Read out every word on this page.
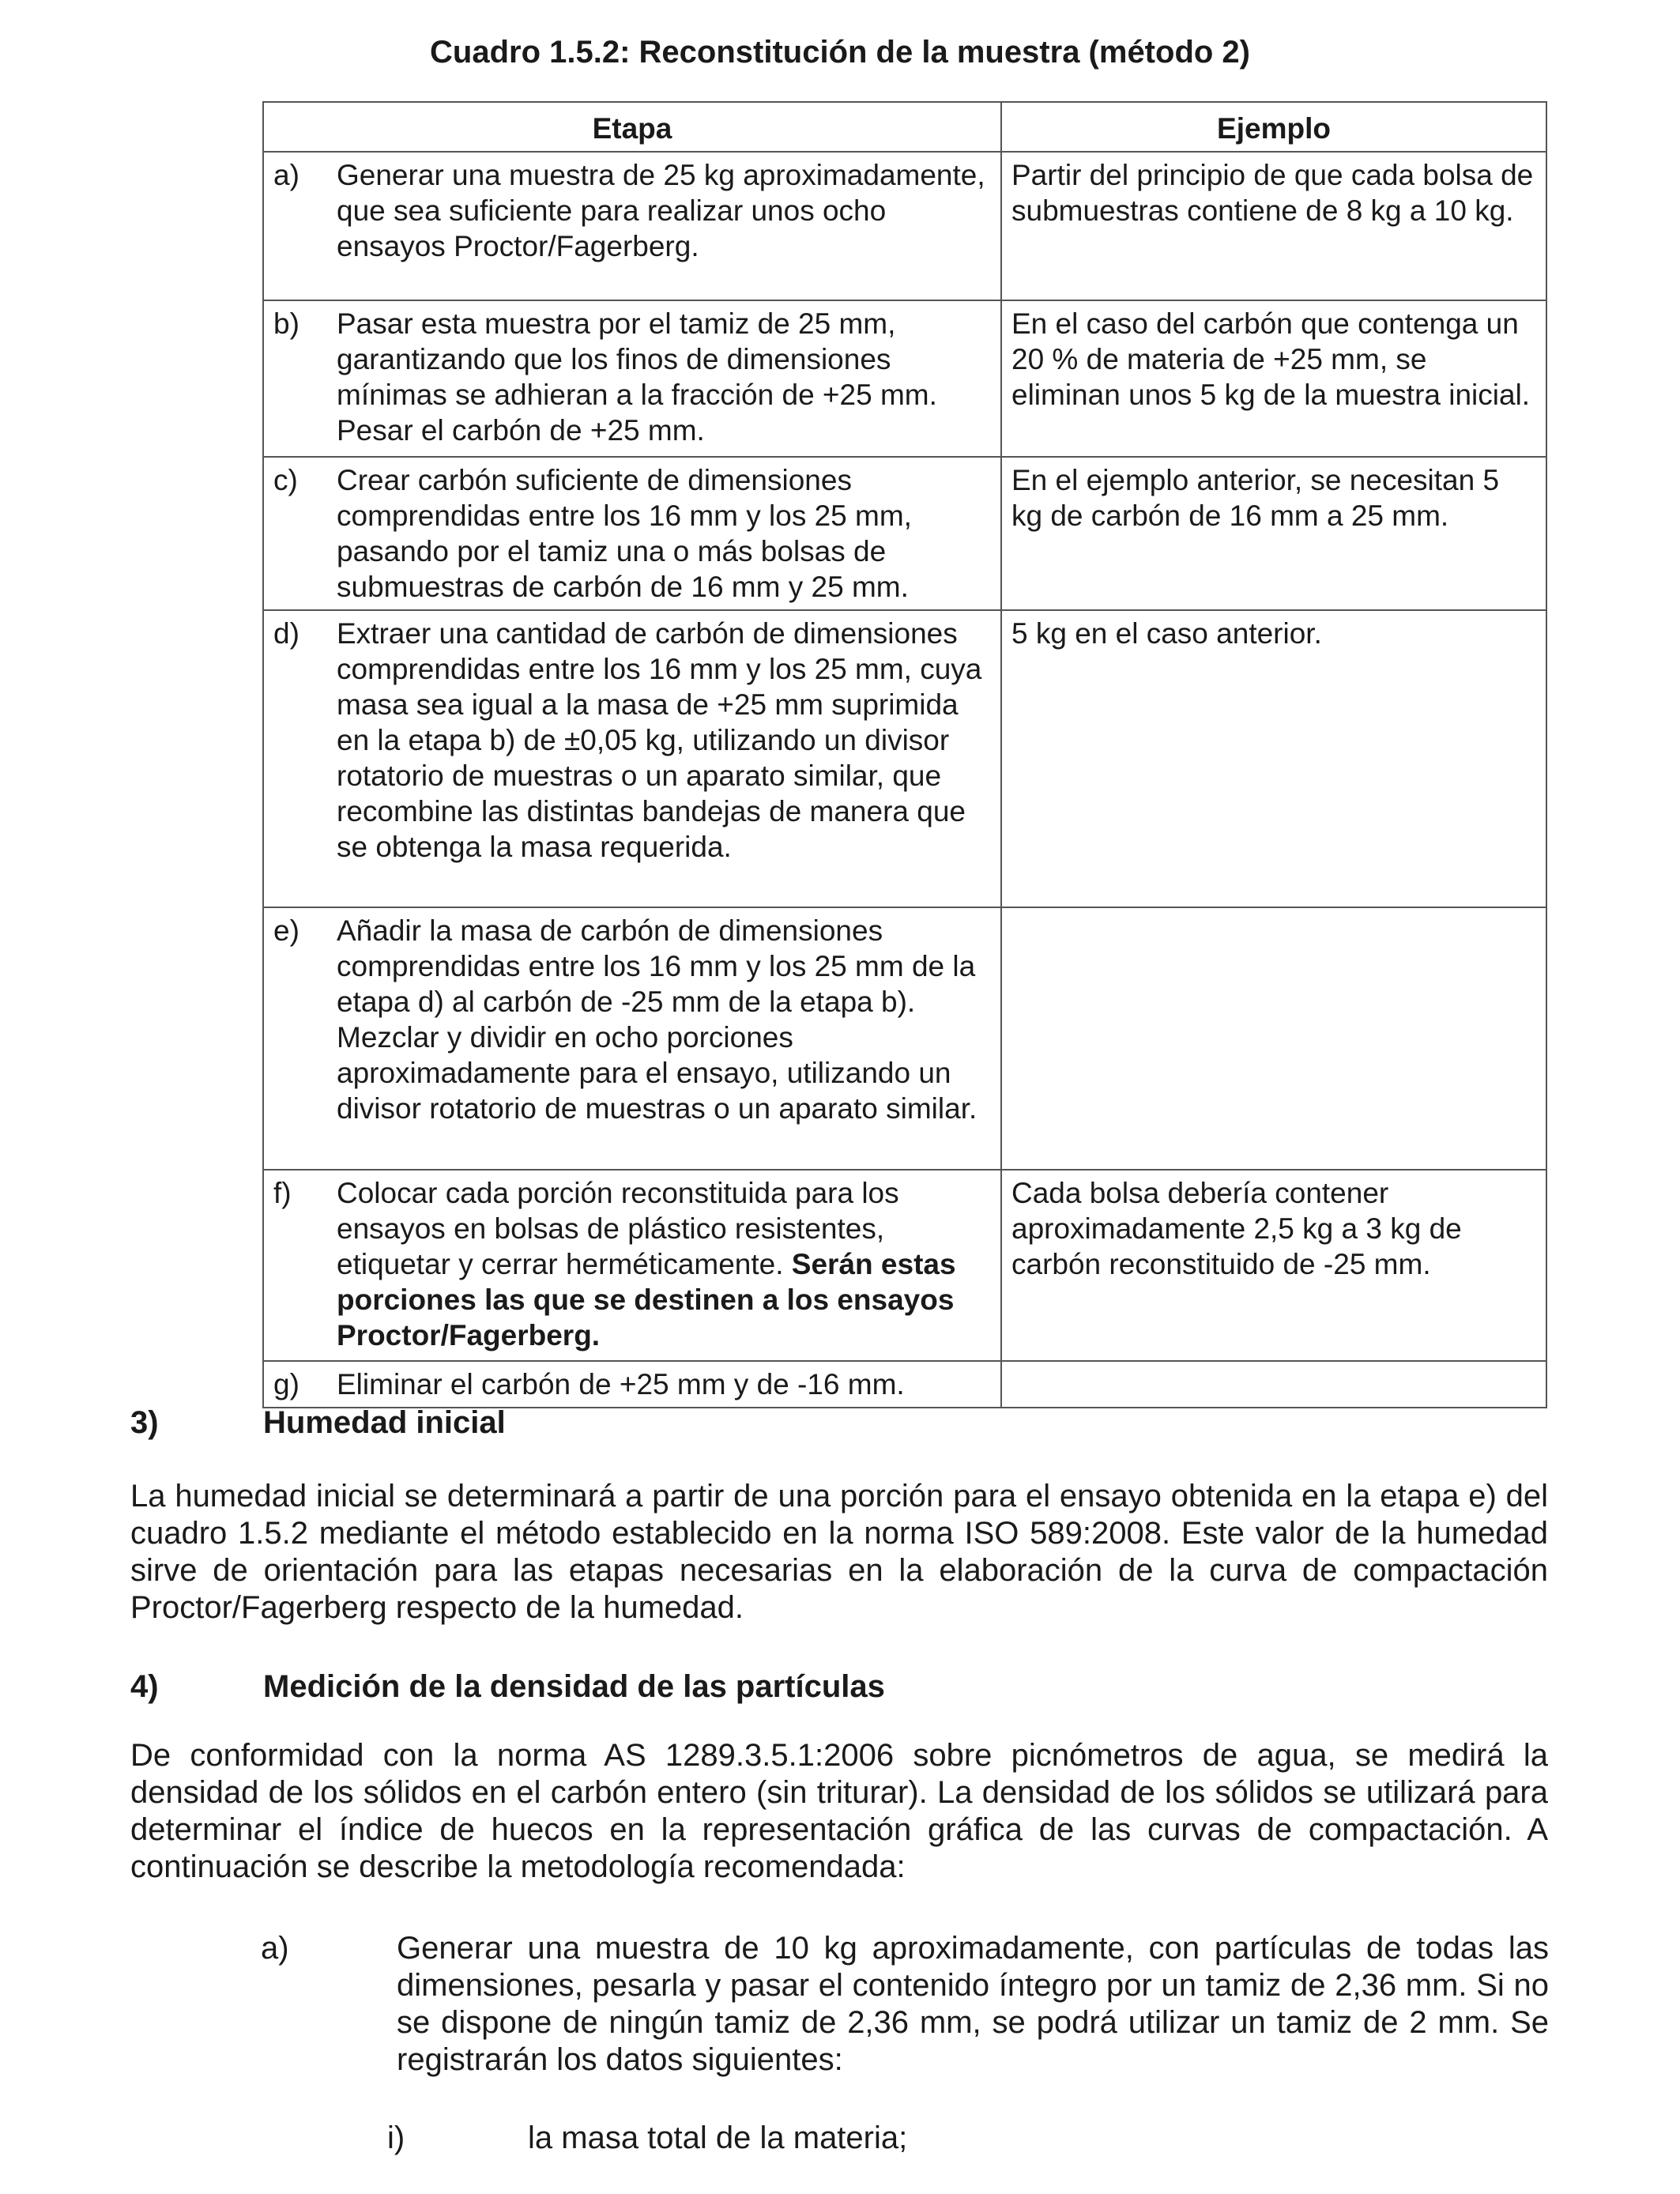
Cuadro 1.5.2: Reconstitución de la muestra (método 2)
Etapa	Ejemplo

a) Generar una muestra de 25 kg aproximadamente, que sea suficiente para realizar unos ocho ensayos Proctor/Fagerberg.	Partir del principio de que cada bolsa de submuestras contiene de 8 kg a 10 kg.

b) Pasar esta muestra por el tamiz de 25 mm, garantizando que los finos de dimensiones mínimas se adhieran a la fracción de +25 mm. Pesar el carbón de +25 mm.	En el caso del carbón que contenga un 20 % de materia de +25 mm, se eliminan unos 5 kg de la muestra inicial.

c) Crear carbón suficiente de dimensiones comprendidas entre los 16 mm y los 25 mm, pasando por el tamiz una o más bolsas de submuestras de carbón de 16 mm y 25 mm.	En el ejemplo anterior, se necesitan 5 kg de carbón de 16 mm a 25 mm.

d) Extraer una cantidad de carbón de dimensiones comprendidas entre los 16 mm y los 25 mm, cuya masa sea igual a la masa de +25 mm suprimida en la etapa b) de ±0,05 kg, utilizando un divisor rotatorio de muestras o un aparato similar, que recombine las distintas bandejas de manera que se obtenga la masa requerida.	5 kg en el caso anterior.

e) Añadir la masa de carbón de dimensiones comprendidas entre los 16 mm y los 25 mm de la etapa d) al carbón de -25 mm de la etapa b). Mezclar y dividir en ocho porciones aproximadamente para el ensayo, utilizando un divisor rotatorio de muestras o un aparato similar.	

f) Colocar cada porción reconstituida para los ensayos en bolsas de plástico resistentes, etiquetar y cerrar herméticamente. Serán estas porciones las que se destinen a los ensayos Proctor/Fagerberg.	Cada bolsa debería contener aproximadamente 2,5 kg a 3 kg de carbón reconstituido de -25 mm.

g) Eliminar el carbón de +25 mm y de -16 mm.	

3)	Humedad inicial
La humedad inicial se determinará a partir de una porción para el ensayo obtenida en la etapa e) del cuadro 1.5.2 mediante el método establecido en la norma ISO 589:2008. Este valor de la humedad sirve de orientación para las etapas necesarias en la elaboración de la curva de compactación Proctor/Fagerberg respecto de la humedad.
4)	Medición de la densidad de las partículas
De conformidad con la norma AS 1289.3.5.1:2006 sobre picnómetros de agua, se medirá la densidad de los sólidos en el carbón entero (sin triturar). La densidad de los sólidos se utilizará para determinar el índice de huecos en la representación gráfica de las curvas de compactación. A continuación se describe la metodología recomendada:
a)	Generar una muestra de 10 kg aproximadamente, con partículas de todas las dimensiones, pesarla y pasar el contenido íntegro por un tamiz de 2,36 mm. Si no se dispone de ningún tamiz de 2,36 mm, se podrá utilizar un tamiz de 2 mm. Se registrarán los datos siguientes:
i)	la masa total de la materia;
